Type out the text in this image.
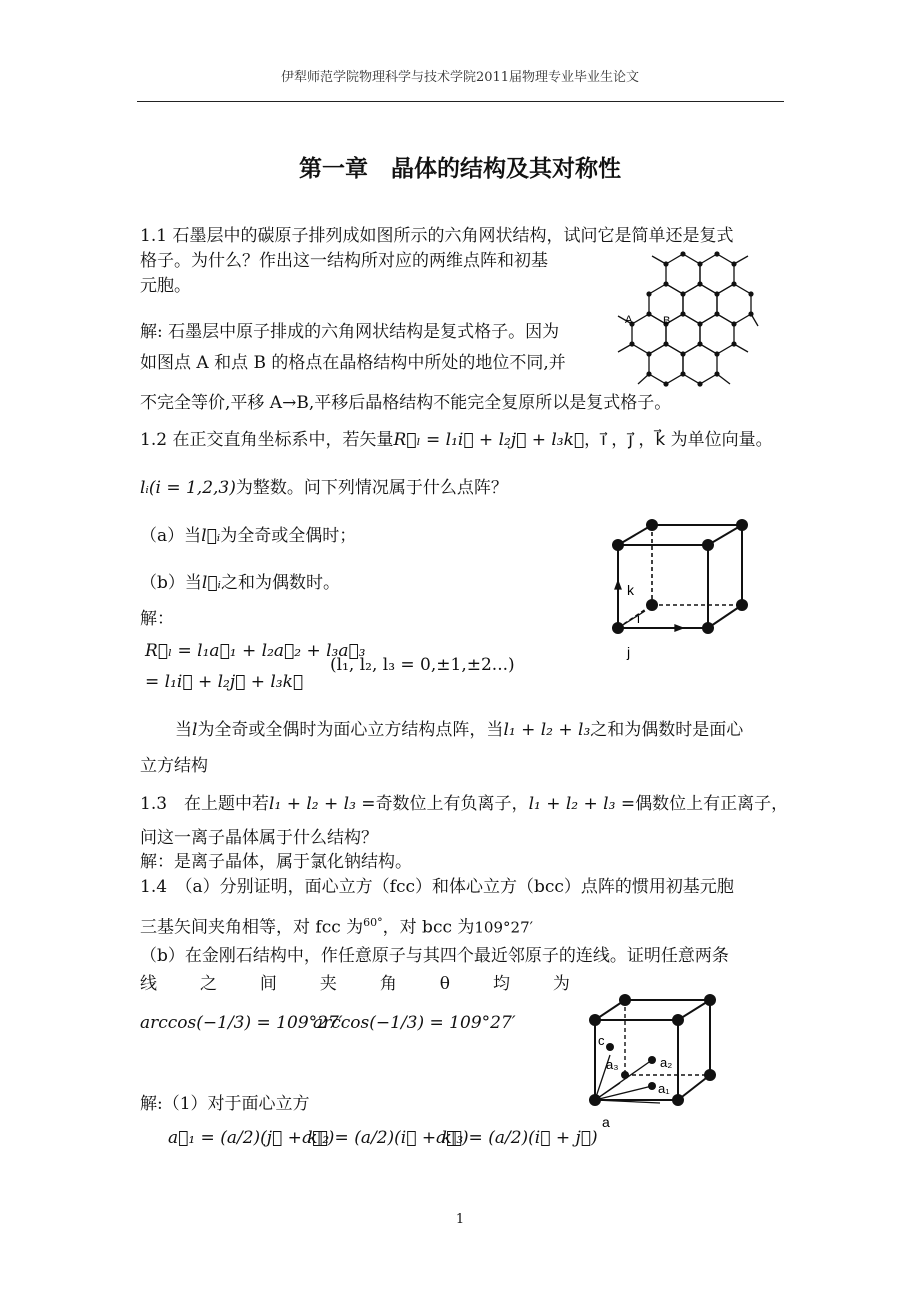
伊犁师范学院物理科学与技术学院2011届物理专业毕业生论文
第一章　晶体的结构及其对称性
1.1 石墨层中的碳原子排列成如图所示的六角网状结构，试问它是简单还是复式
格子。为什么？作出这一结构所对应的两维点阵和初基
元胞。
解: 石墨层中原子排成的六角网状结构是复式格子。因为
如图点 A 和点 B 的格点在晶格结构中所处的地位不同,并
不完全等价,平移 A→B,平移后晶格结构不能完全复原所以是复式格子。
A	B
1.2 在正交直角坐标系中，若矢量R⃗ₗ = l₁i⃗ + l₂j⃗ + l₃k⃗，i⃗ ，j⃗ ，k⃗ 为单位向量。
lᵢ(i = 1,2,3)为整数。问下列情况属于什么点阵？
（a）当l⃗ᵢ为全奇或全偶时；
（b）当l⃗ᵢ之和为偶数时。
解：
R⃗ₗ = l₁a⃗₁ + l₂a⃗₂ + l₃a⃗₃
(l₁, l₂, l₃ = 0,±1,±2...)
= l₁i⃗ + l₂j⃗ + l₃k⃗
当l为全奇或全偶时为面心立方结构点阵，当l₁ + l₂ + l₃之和为偶数时是面心
立方结构
k
i
j
1.3　在上题中若l₁ + l₂ + l₃ =奇数位上有负离子，l₁ + l₂ + l₃ =偶数位上有正离子，
问这一离子晶体属于什么结构？
解：是离子晶体，属于氯化钠结构。
1.4　（a）分别证明，面心立方（fcc）和体心立方（bcc）点阵的惯用初基元胞
三基矢间夹角相等，对 fcc 为$^{60^\circ}$，对 bcc 为109°27′
（b）在金刚石结构中，作任意原子与其四个最近邻原子的连线。证明任意两条
线	之	间	夹	角	θ	均	为
arccos(−1/3) = 109°27′
arccos(−1/3) = 109°27′
c
a₃	a₂
a₁
a
解:（1）对于面心立方
a⃗₁ = (a/2)(j⃗ + k⃗)
a⃗₂ = (a/2)(i⃗ + k⃗)
a⃗₃ = (a/2)(i⃗ + j⃗)
1
